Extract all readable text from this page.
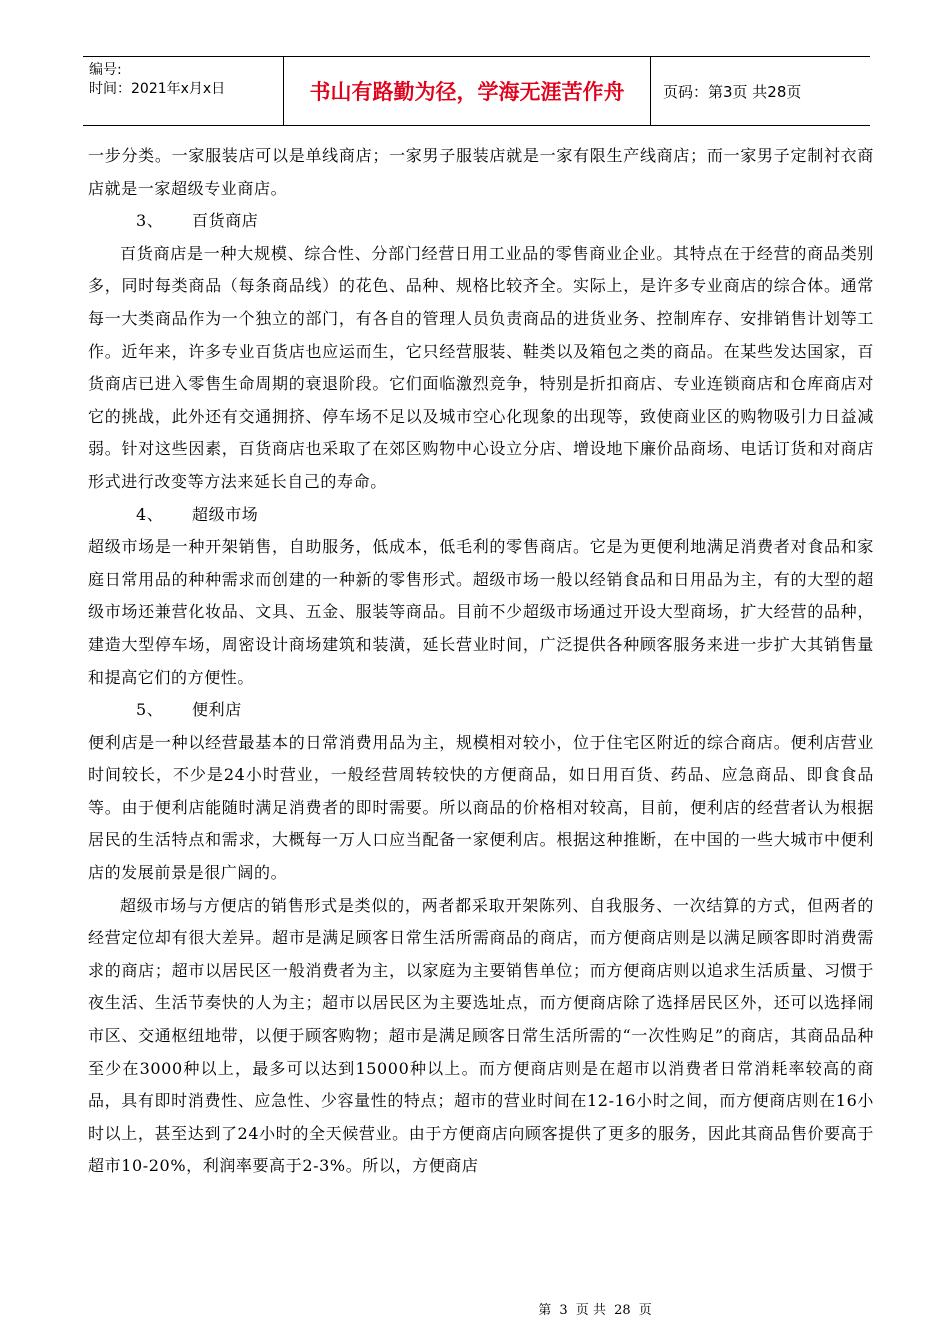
编号:
时间：2021年x月x日	书山有路勤为径，学海无涯苦作舟	页码：第3页 共28页

一步分类。一家服装店可以是单线商店；一家男子服装店就是一家有限生产线商店；而一家男子定制衬衣商店就是一家超级专业商店。

3、 百货商店

百货商店是一种大规模、综合性、分部门经营日用工业品的零售商业企业。其特点在于经营的商品类别多，同时每类商品（每条商品线）的花色、品种、规格比较齐全。实际上，是许多专业商店的综合体。通常每一大类商品作为一个独立的部门，有各自的管理人员负责商品的进货业务、控制库存、安排销售计划等工作。近年来，许多专业百货店也应运而生，它只经营服装、鞋类以及箱包之类的商品。在某些发达国家，百货商店已进入零售生命周期的衰退阶段。它们面临激烈竞争，特别是折扣商店、专业连锁商店和仓库商店对它的挑战，此外还有交通拥挤、停车场不足以及城市空心化现象的出现等，致使商业区的购物吸引力日益减弱。针对这些因素，百货商店也采取了在郊区购物中心设立分店、增设地下廉价品商场、电话订货和对商店形式进行改变等方法来延长自己的寿命。

4、 超级市场

超级市场是一种开架销售，自助服务，低成本，低毛利的零售商店。它是为更便利地满足消费者对食品和家庭日常用品的种种需求而创建的一种新的零售形式。超级市场一般以经销食品和日用品为主，有的大型的超级市场还兼营化妆品、文具、五金、服装等商品。目前不少超级市场通过开设大型商场，扩大经营的品种，建造大型停车场，周密设计商场建筑和装潢，延长营业时间，广泛提供各种顾客服务来进一步扩大其销售量和提高它们的方便性。

5、 便利店

便利店是一种以经营最基本的日常消费用品为主，规模相对较小，位于住宅区附近的综合商店。便利店营业时间较长，不少是24小时营业，一般经营周转较快的方便商品，如日用百货、药品、应急商品、即食食品等。由于便利店能随时满足消费者的即时需要。所以商品的价格相对较高，目前，便利店的经营者认为根据居民的生活特点和需求，大概每一万人口应当配备一家便利店。根据这种推断，在中国的一些大城市中便利店的发展前景是很广阔的。

超级市场与方便店的销售形式是类似的，两者都采取开架陈列、自我服务、一次结算的方式，但两者的经营定位却有很大差异。超市是满足顾客日常生活所需商品的商店，而方便商店则是以满足顾客即时消费需求的商店；超市以居民区一般消费者为主，以家庭为主要销售单位；而方便商店则以追求生活质量、习惯于夜生活、生活节奏快的人为主；超市以居民区为主要选址点，而方便商店除了选择居民区外，还可以选择闹市区、交通枢纽地带，以便于顾客购物；超市是满足顾客日常生活所需的“一次性购足”的商店，其商品品种至少在3000种以上，最多可以达到15000种以上。而方便商店则是在超市以消费者日常消耗率较高的商品，具有即时消费性、应急性、少容量性的特点；超市的营业时间在12-16小时之间，而方便商店则在16小时以上，甚至达到了24小时的全天候营业。由于方便商店向顾客提供了更多的服务，因此其商品售价要高于超市10-20%，利润率要高于2-3%。所以，方便商店

第 3 页 共 28 页
